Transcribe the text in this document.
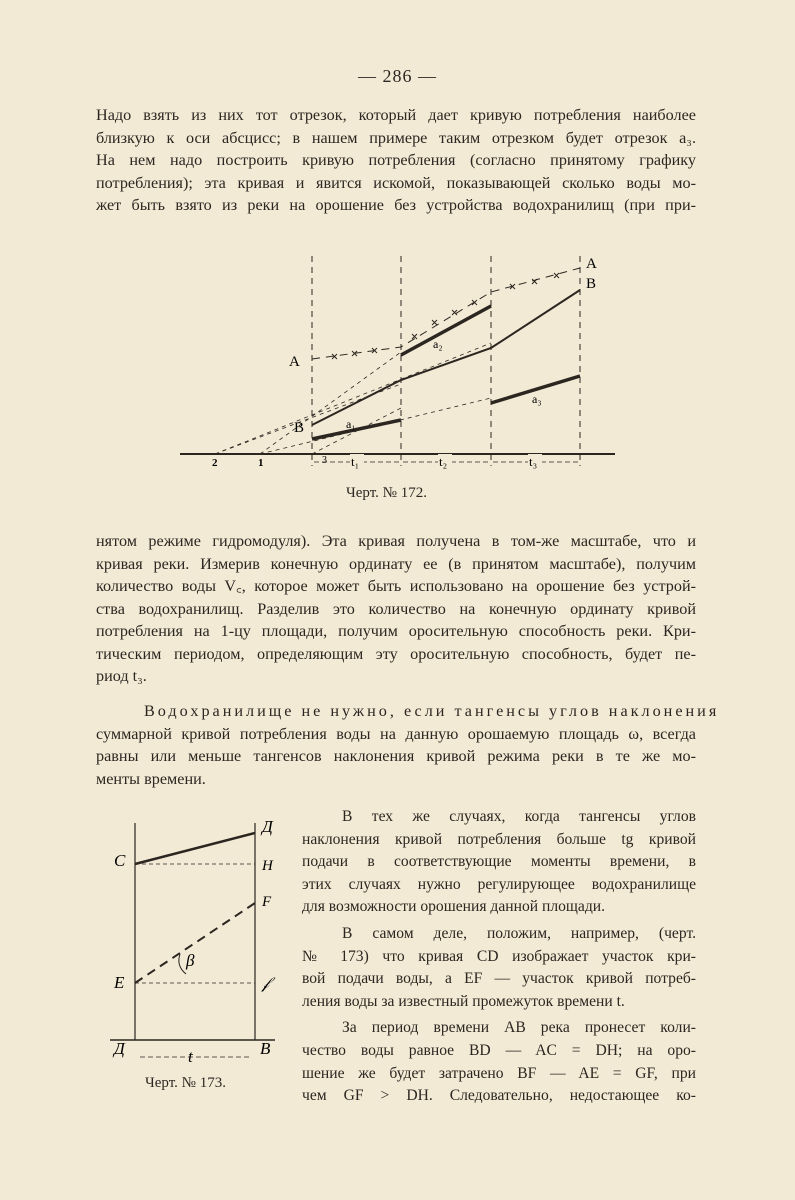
— 286 —
Надо взять из них тот отрезок, который дает кривую потребления наиболее
близкую к оси абсцисс; в нашем примере таким отрезком будет отрезок a₃.
На нем надо построить кривую потребления (согласно принятому графику
потребления); эта кривая и явится искомой, показывающей сколько воды мо-
жет быть взято из реки на орошение без устройства водохранилищ (при при-
А
В
А
В
a₁
a₂
a₃
2	1	3 t₁	t₂	t₃
Черт. № 172.
нятом режиме гидромодуля). Эта кривая получена в том-же масштабе, что и
кривая реки. Измерив конечную ординату ее (в принятом масштабе), получим
количество воды V꜀, которое может быть использовано на орошение без устрой-
ства водохранилищ. Разделив это количество на конечную ординату кривой
потребления на 1-цу площади, получим оросительную способность реки. Кри-
тическим периодом, определяющим эту оросительную способность, будет пе-
риод t₃.
Водохранилище не нужно, если тангенсы углов наклонения
суммарной кривой потребления воды на данную орошаемую площадь ω, всегда
равны или меньше тангенсов наклонения кривой режима реки в те же мо-
менты времени.
C
Д
Н
F
β
E	𝒻
Д	В
t
Черт. № 173.
В тех же случаях, когда тангенсы углов
наклонения кривой потребления больше tg кривой
подачи в соответствующие моменты времени, в
этих случаях нужно регулирующее водохранилище
для возможности орошения данной площади.
В самом деле, положим, например, (черт.
№ 173) что кривая CD изображает участок кри-
вой подачи воды, а EF — участок кривой потреб-
ления воды за известный промежуток времени t.
За период времени AB река пронесет коли-
чество воды равное BD — AC = DH; на оро-
шение же будет затрачено BF — AE = GF, при
чем GF > DH. Следовательно, недостающее ко-
